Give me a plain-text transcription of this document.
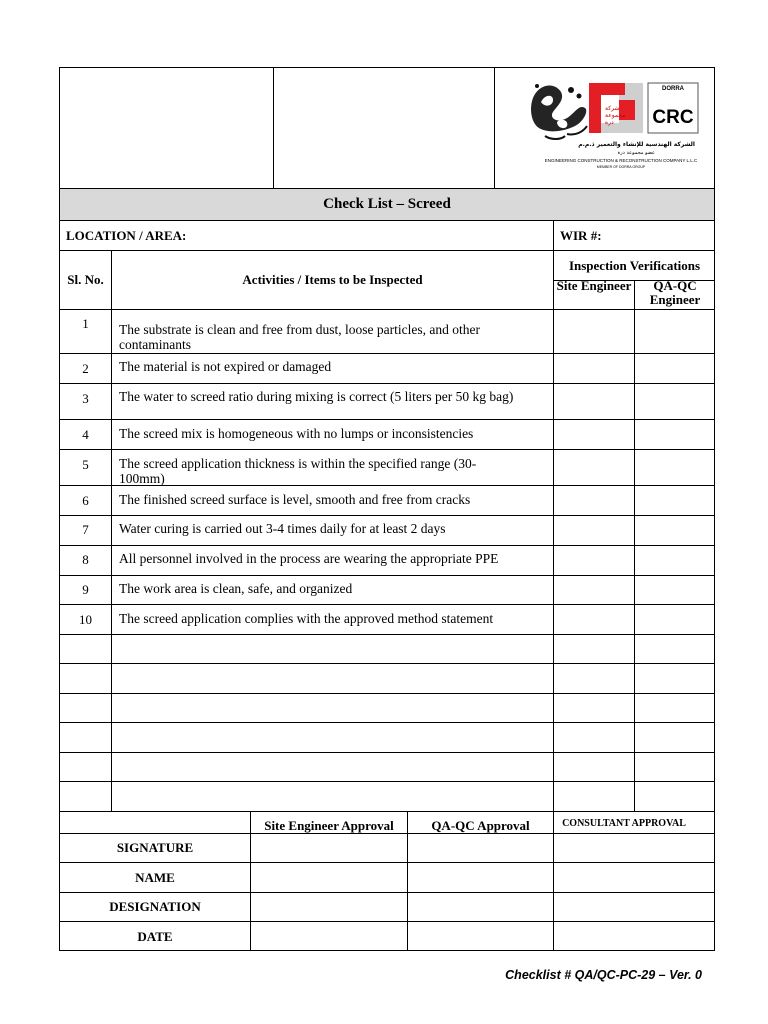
DORRA
CRC
شركة مجموعة درة
الشركة الهندسية للإنشاء والتعمير ذ.م.م
عضو مجموعة درة
ENGINEERING CONSTRUCTION & RECONSTRUCTION COMPANY L.L.C
MEMBER OF DORRA GROUP
Check List – Screed
LOCATION / AREA:	WIR #:
Sl. No.	Activities / Items to be Inspected
Inspection Verifications
Site Engineer	QA-QC Engineer
1	The substrate is clean and free from dust, loose particles, and other contaminants
2	The material is not expired or damaged
3	The water to screed ratio during mixing is correct (5 liters per 50 kg bag)
4	The screed mix is homogeneous with no lumps or inconsistencies
5	The screed application thickness is within the specified range (30-100mm)
6	The finished screed surface is level, smooth and free from cracks
7	Water curing is carried out 3-4 times daily for at least 2 days
8	All personnel involved in the process are wearing the appropriate PPE
9	The work area is clean, safe, and organized
10	The screed application complies with the approved method statement
Site Engineer Approval	QA-QC Approval	CONSULTANT APPROVAL
SIGNATURE
NAME
DESIGNATION
DATE
Checklist # QA/QC-PC-29 – Ver. 0
